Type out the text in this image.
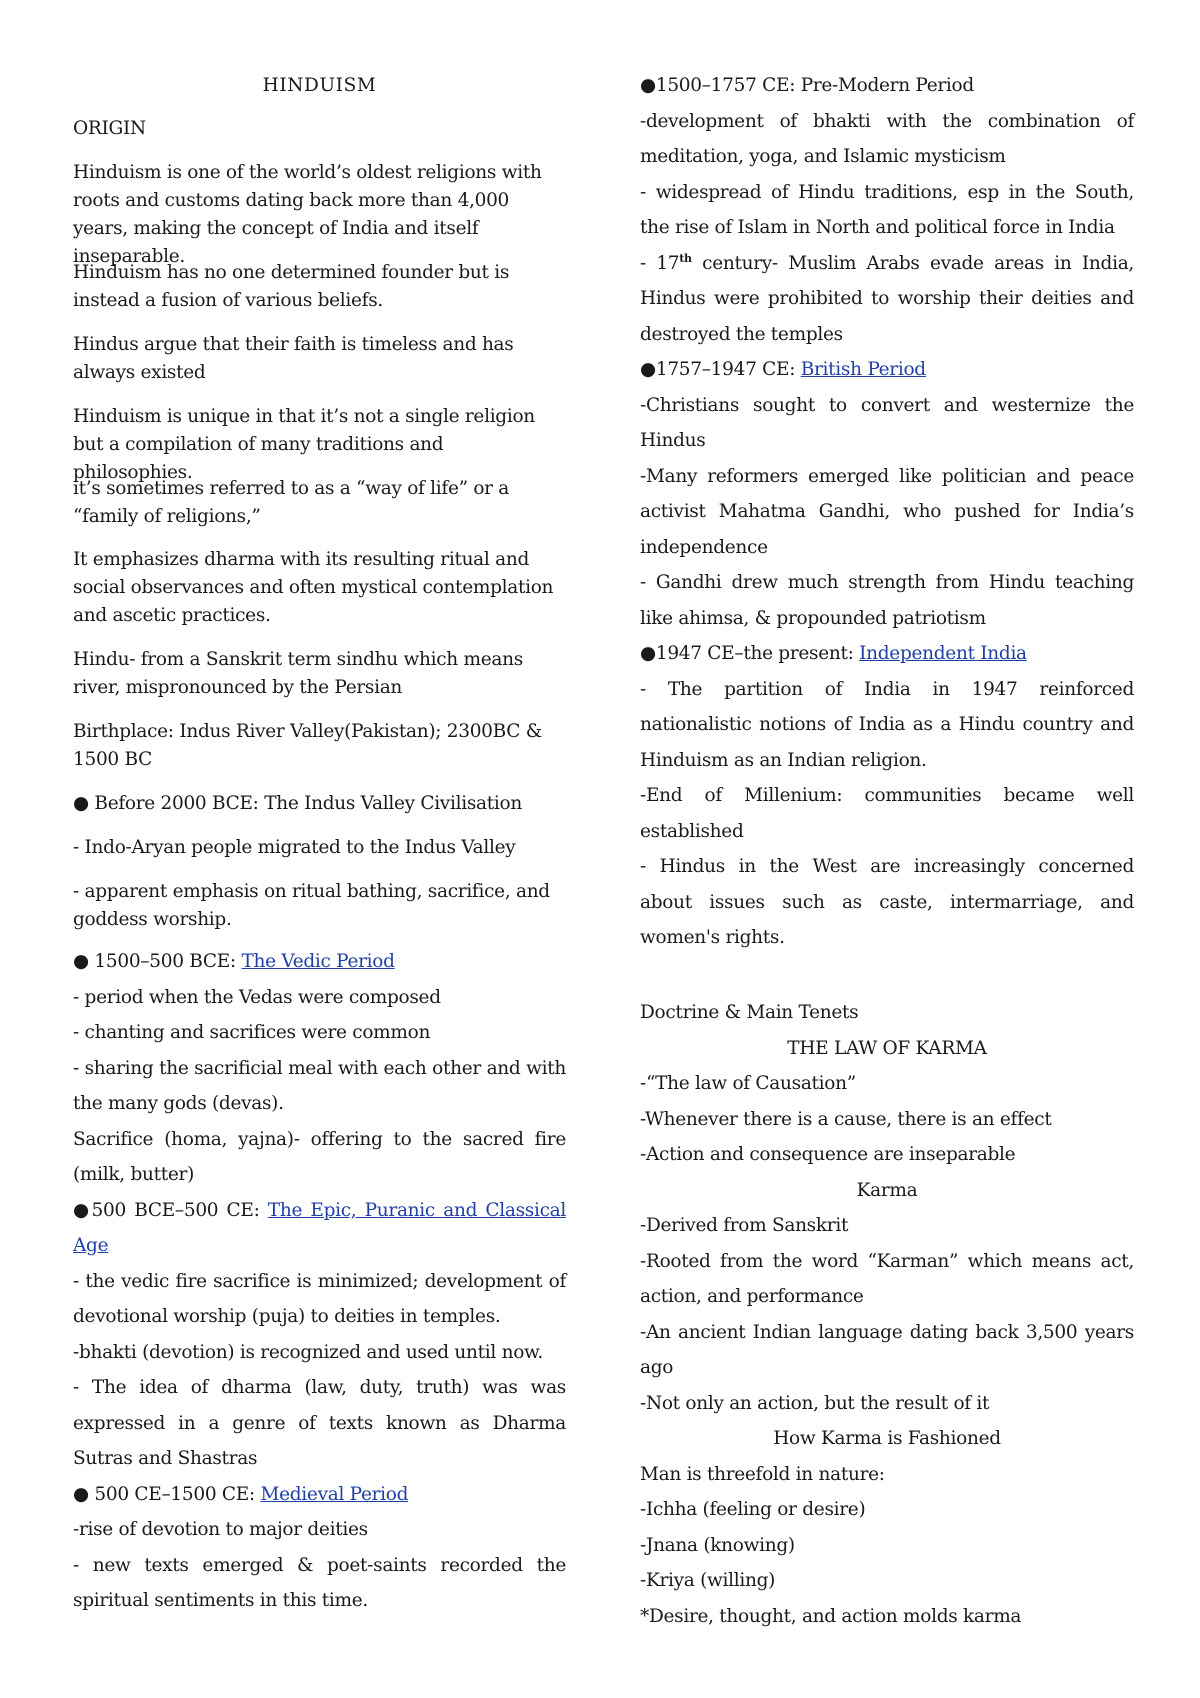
HINDUISM

ORIGIN

Hinduism is one of the world’s oldest religions with roots and customs dating back more than 4,000 years, making the concept of India and itself inseparable.

Hinduism has no one determined founder but is instead a fusion of various beliefs.

Hindus argue that their faith is timeless and has always existed

Hinduism is unique in that it’s not a single religion but a compilation of many traditions and philosophies.

it’s sometimes referred to as a “way of life” or a “family of religions,”

It emphasizes dharma with its resulting ritual and social observances and often mystical contemplation and ascetic practices.

Hindu- from a Sanskrit term sindhu which means river, mispronounced by the Persian

Birthplace: Indus River Valley(Pakistan); 2300BC & 1500 BC

● Before 2000 BCE: The Indus Valley Civilisation

- Indo-Aryan people migrated to the Indus Valley

- apparent emphasis on ritual bathing, sacrifice, and goddess worship.

● 1500–500 BCE: The Vedic Period
- period when the Vedas were composed
- chanting and sacrifices were common
- sharing the sacrificial meal with each other and with the many gods (devas).
Sacrifice (homa, yajna)- offering to the sacred fire (milk, butter)
●500 BCE–500 CE: The Epic, Puranic and Classical Age
- the vedic fire sacrifice is minimized; development of devotional worship (puja) to deities in temples.
-bhakti (devotion) is recognized and used until now.
- The idea of dharma (law, duty, truth) was was expressed in a genre of texts known as Dharma Sutras and Shastras
● 500 CE–1500 CE: Medieval Period
-rise of devotion to major deities
- new texts emerged & poet-saints recorded the spiritual sentiments in this time.
●1500–1757 CE: Pre-Modern Period
-development of bhakti with the combination of meditation, yoga, and Islamic mysticism
- widespread of Hindu traditions, esp in the South, the rise of Islam in North and political force in India
- 17th century- Muslim Arabs evade areas in India, Hindus were prohibited to worship their deities and destroyed the temples
●1757–1947 CE: British Period
-Christians sought to convert and westernize the Hindus
-Many reformers emerged like politician and peace activist Mahatma Gandhi, who pushed for India’s independence
- Gandhi drew much strength from Hindu teaching like ahimsa, & propounded patriotism
●1947 CE–the present: Independent India
- The partition of India in 1947 reinforced nationalistic notions of India as a Hindu country and Hinduism as an Indian religion.
-End of Millenium: communities became well established
- Hindus in the West are increasingly concerned about issues such as caste, intermarriage, and women's rights.
Doctrine & Main Tenets
THE LAW OF KARMA
-“The law of Causation”
-Whenever there is a cause, there is an effect
-Action and consequence are inseparable
Karma
-Derived from Sanskrit
-Rooted from the word “Karman” which means act, action, and performance
-An ancient Indian language dating back 3,500 years ago
-Not only an action, but the result of it
How Karma is Fashioned
Man is threefold in nature:
-Ichha (feeling or desire)
-Jnana (knowing)
-Kriya (willing)
*Desire, thought, and action molds karma
